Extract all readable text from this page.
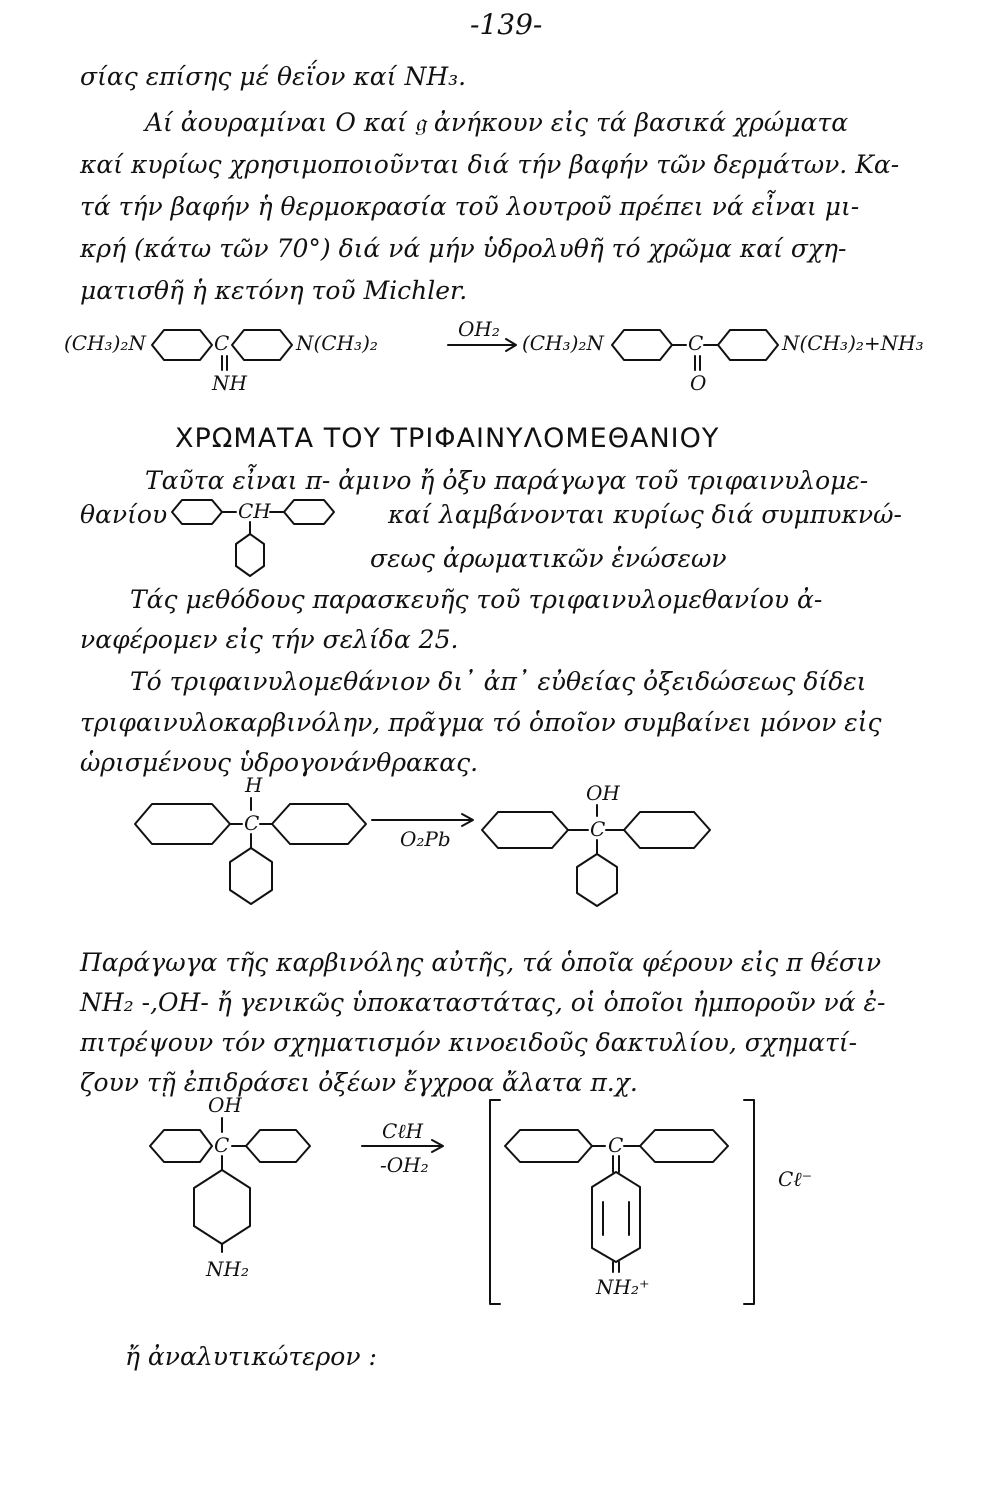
-139-
σίας επίσης μέ θεΐον καί ΝΗ₃.
Αί ἀουραμίναι Ο καί 𝔤 ἀνήκουν εἰς τά βασικά χρώματα
καί κυρίως χρησιμοποιοῦνται διά τήν βαφήν τῶν δερμάτων. Κα-
τά τήν βαφήν ἡ θερμοκρασία τοῦ λουτροῦ πρέπει νά εἶναι μι-
κρή (κάτω τῶν 70°) διά νά μήν ὑδρολυθῆ τό χρῶμα καί σχη-
ματισθῆ ἡ κετόνη τοῦ Michler.
(CH₃)₂N	C
NH
N(CH₃)₂
OH₂
(CH₃)₂N	C
O
N(CH₃)₂+NH₃
ΧΡΩΜΑΤΑ ΤΟΥ ΤΡΙΦΑΙΝΥΛΟΜΕΘΑΝΙΟΥ
Ταῦτα εἶναι π- ἀμινο ἤ ὀξυ παράγωγα τοῦ τριφαινυλομε-
θανίου	CH	καί λαμβάνονται κυρίως διά συμπυκνώ-
σεως ἀρωματικῶν ἑνώσεων
Τάς μεθόδους παρασκευῆς τοῦ τριφαινυλομεθανίου ἀ-
ναφέρομεν εἰς τήν σελίδα 25.
Τό τριφαινυλομεθάνιον δι᾽ ἀπ᾽ εὐθείας ὀξειδώσεως δίδει
τριφαινυλοκαρβινόλην, πρᾶγμα τό ὁποῖον συμβαίνει μόνον εἰς
ὡρισμένους ὑδρογονάνθρακας.
H
C
O₂Pb
OH
C
Παράγωγα τῆς καρβινόλης αὐτῆς, τά ὁποῖα φέρουν εἰς π θέσιν
ΝΗ₂ -,ΟΗ- ἤ γενικῶς ὑποκαταστάτας, οἱ ὁποῖοι ἠμποροῦν νά ἐ-
πιτρέψουν τόν σχηματισμόν κινοειδοῦς δακτυλίου, σχηματί-
ζουν τῇ ἐπιδράσει ὀξέων ἔγχροα ἄλατα π.χ.
OH
C
NH₂
CℓH
-OH₂
C
NH₂⁺
Cℓ⁻
ἤ ἀναλυτικώτερον :
